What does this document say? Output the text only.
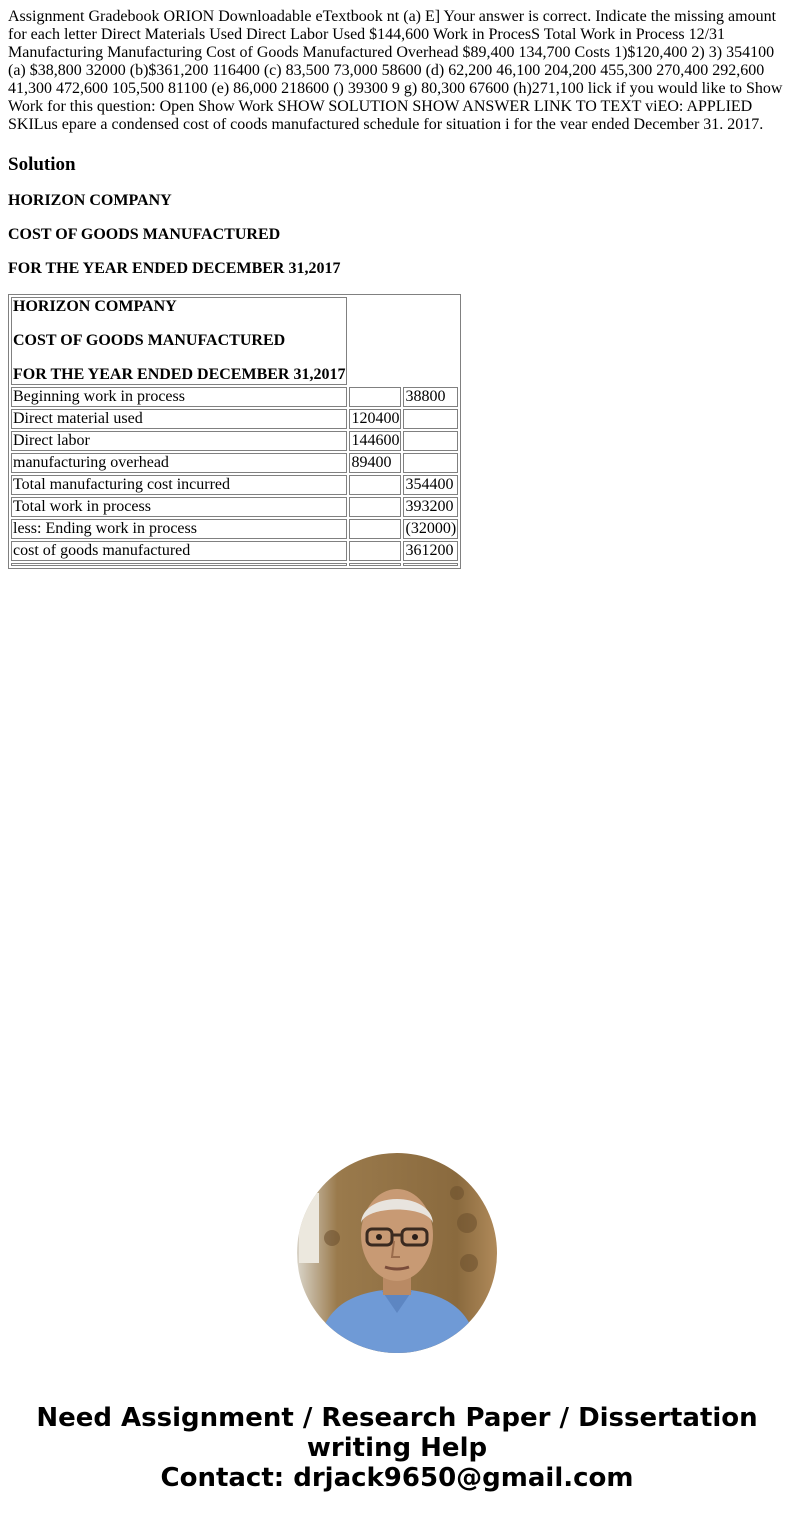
Assignment Gradebook ORION Downloadable eTextbook nt (a) E] Your answer is correct. Indicate the missing amount for each letter Direct Materials Used Direct Labor Used $144,600 Work in ProcesS Total Work in Process 12/31 Manufacturing Manufacturing Cost of Goods Manufactured Overhead $89,400 134,700 Costs 1)$120,400 2) 3) 354100 (a) $38,800 32000 (b)$361,200 116400 (c) 83,500 73,000 58600 (d) 62,200 46,100 204,200 455,300 270,400 292,600 41,300 472,600 105,500 81100 (e) 86,000 218600 () 39300 9 g) 80,300 67600 (h)271,100 lick if you would like to Show Work for this question: Open Show Work SHOW SOLUTION SHOW ANSWER LINK TO TEXT viEO: APPLIED SKILus epare a condensed cost of coods manufactured schedule for situation i for the vear ended December 31. 2017.

Solution

HORIZON COMPANY

COST OF GOODS MANUFACTURED

FOR THE YEAR ENDED DECEMBER 31,2017

HORIZON COMPANY

COST OF GOODS MANUFACTURED

FOR THE YEAR ENDED DECEMBER 31,2017		

Beginning work in process		38800
Direct material used	120400	
Direct labor	144600	
manufacturing overhead	89400	
Total manufacturing cost incurred		354400
Total work in process		393200
less: Ending work in process		(32000)
cost of goods manufactured		361200

Need Assignment / Research Paper / Dissertation
writing Help
Contact: drjack9650@gmail.com
